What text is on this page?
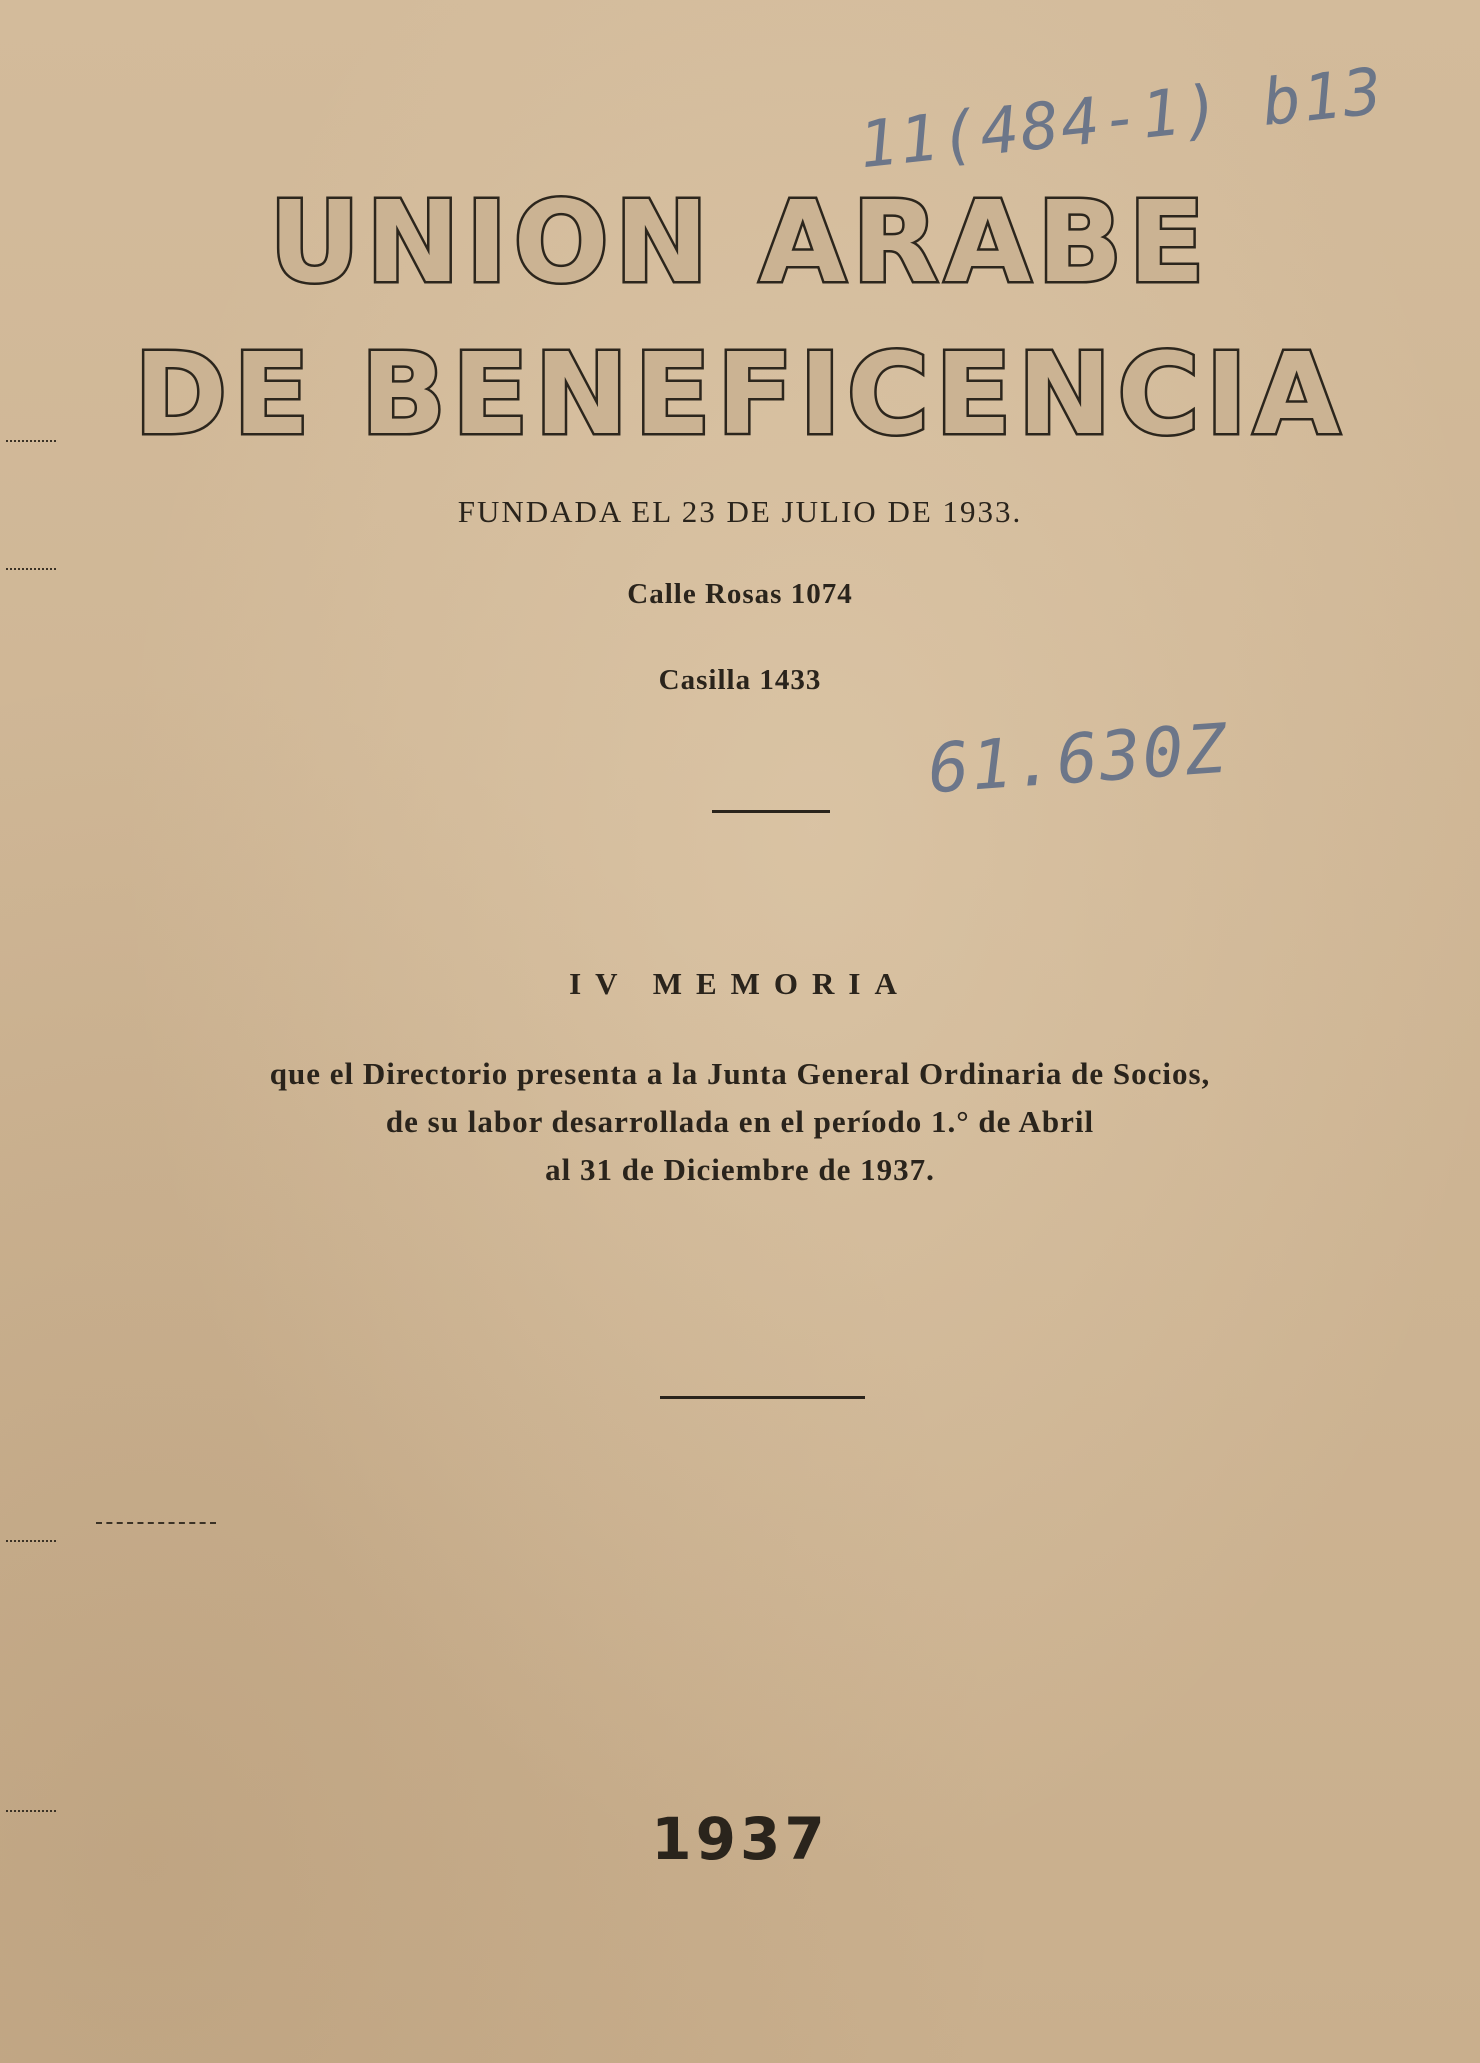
11(484-1) b13
UNION ARABE
DE BENEFICENCIA
FUNDADA EL 23 DE JULIO DE 1933.
Calle Rosas 1074
Casilla 1433
61.630Z
IV MEMORIA
que el Directorio presenta a la Junta General Ordinaria de Socios,
de su labor desarrollada en el período 1.° de Abril
al 31 de Diciembre de 1937.
1937
